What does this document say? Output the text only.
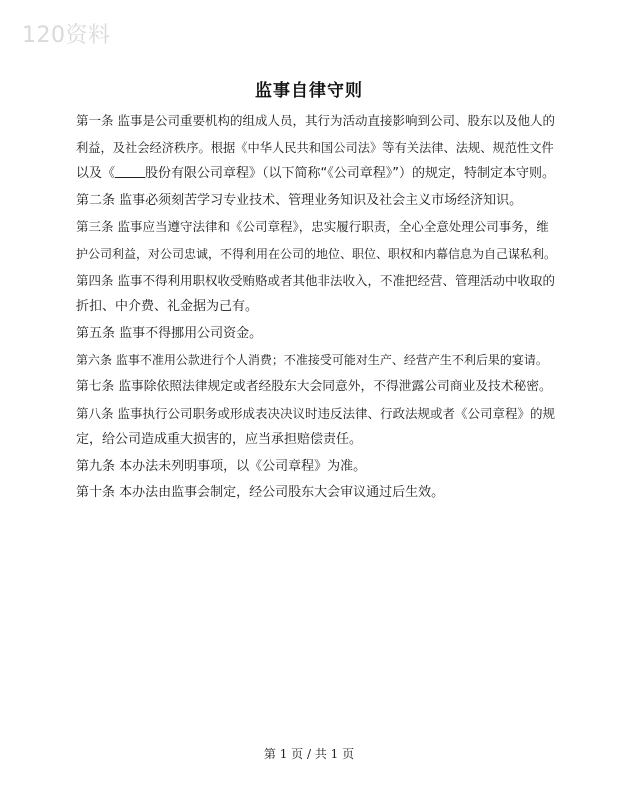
120资料
监事自律守则
第一条 监事是公司重要机构的组成人员，其行为活动直接影响到公司、股东以及他人的
利益，及社会经济秩序。根据《中华人民共和国公司法》等有关法律、法规、规范性文件
以及《 股份有限公司章程》（以下简称“《公司章程》”）的规定，特制定本守则。
第二条 监事必须刻苦学习专业技术、管理业务知识及社会主义市场经济知识。
第三条 监事应当遵守法律和《公司章程》，忠实履行职责，全心全意处理公司事务，维
护公司利益，对公司忠诚，不得利用在公司的地位、职位、职权和内幕信息为自己谋私利。
第四条 监事不得利用职权收受贿赂或者其他非法收入，不准把经营、管理活动中收取的
折扣、中介费、礼金据为己有。
第五条 监事不得挪用公司资金。
第六条 监事不准用公款进行个人消费；不准接受可能对生产、经营产生不利后果的宴请。
第七条 监事除依照法律规定或者经股东大会同意外，不得泄露公司商业及技术秘密。
第八条 监事执行公司职务或形成表决决议时违反法律、行政法规或者《公司章程》的规
定，给公司造成重大损害的，应当承担赔偿责任。
第九条 本办法未列明事项，以《公司章程》为准。
第十条 本办法由监事会制定，经公司股东大会审议通过后生效。
第 1 页 / 共 1 页
